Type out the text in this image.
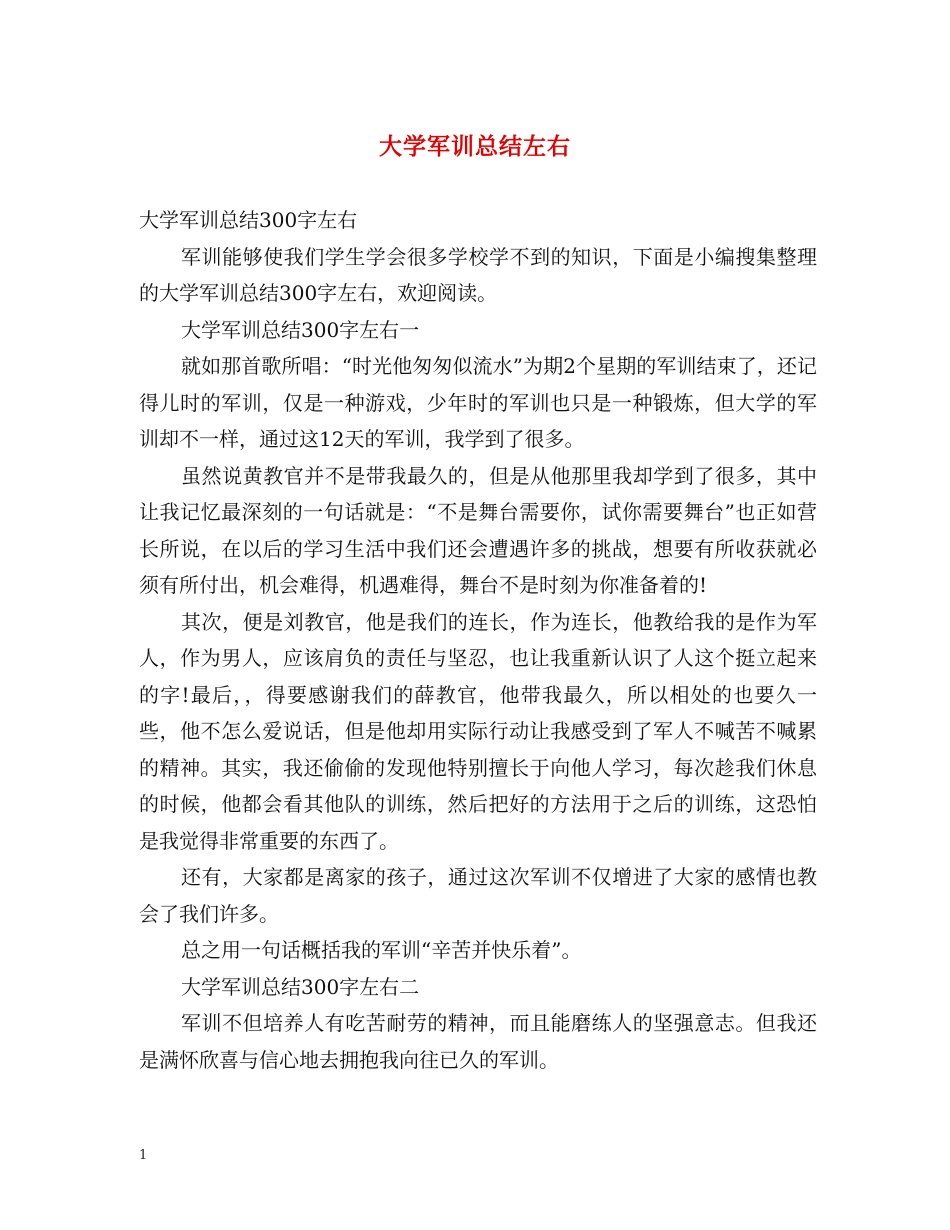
大学军训总结左右

大学军训总结300字左右

军训能够使我们学生学会很多学校学不到的知识，下面是小编搜集整理的大学军训总结300字左右，欢迎阅读。

大学军训总结300字左右一

就如那首歌所唱：“时光他匆匆似流水”为期2个星期的军训结束了，还记得儿时的军训，仅是一种游戏，少年时的军训也只是一种锻炼，但大学的军训却不一样，通过这12天的军训，我学到了很多。

虽然说黄教官并不是带我最久的，但是从他那里我却学到了很多，其中让我记忆最深刻的一句话就是：“不是舞台需要你，试你需要舞台”也正如营长所说，在以后的学习生活中我们还会遭遇许多的挑战，想要有所收获就必须有所付出，机会难得，机遇难得，舞台不是时刻为你准备着的!

其次，便是刘教官，他是我们的连长，作为连长，他教给我的是作为军人，作为男人，应该肩负的责任与坚忍，也让我重新认识了人这个挺立起来的字!最后，，得要感谢我们的薛教官，他带我最久，所以相处的也要久一些，他不怎么爱说话，但是他却用实际行动让我感受到了军人不喊苦不喊累的精神。其实，我还偷偷的发现他特别擅长于向他人学习，每次趁我们休息的时候，他都会看其他队的训练，然后把好的方法用于之后的训练，这恐怕是我觉得非常重要的东西了。

还有，大家都是离家的孩子，通过这次军训不仅增进了大家的感情也教会了我们许多。

总之用一句话概括我的军训“辛苦并快乐着”。

大学军训总结300字左右二

军训不但培养人有吃苦耐劳的精神，而且能磨练人的坚强意志。但我还是满怀欣喜与信心地去拥抱我向往已久的军训。

1
